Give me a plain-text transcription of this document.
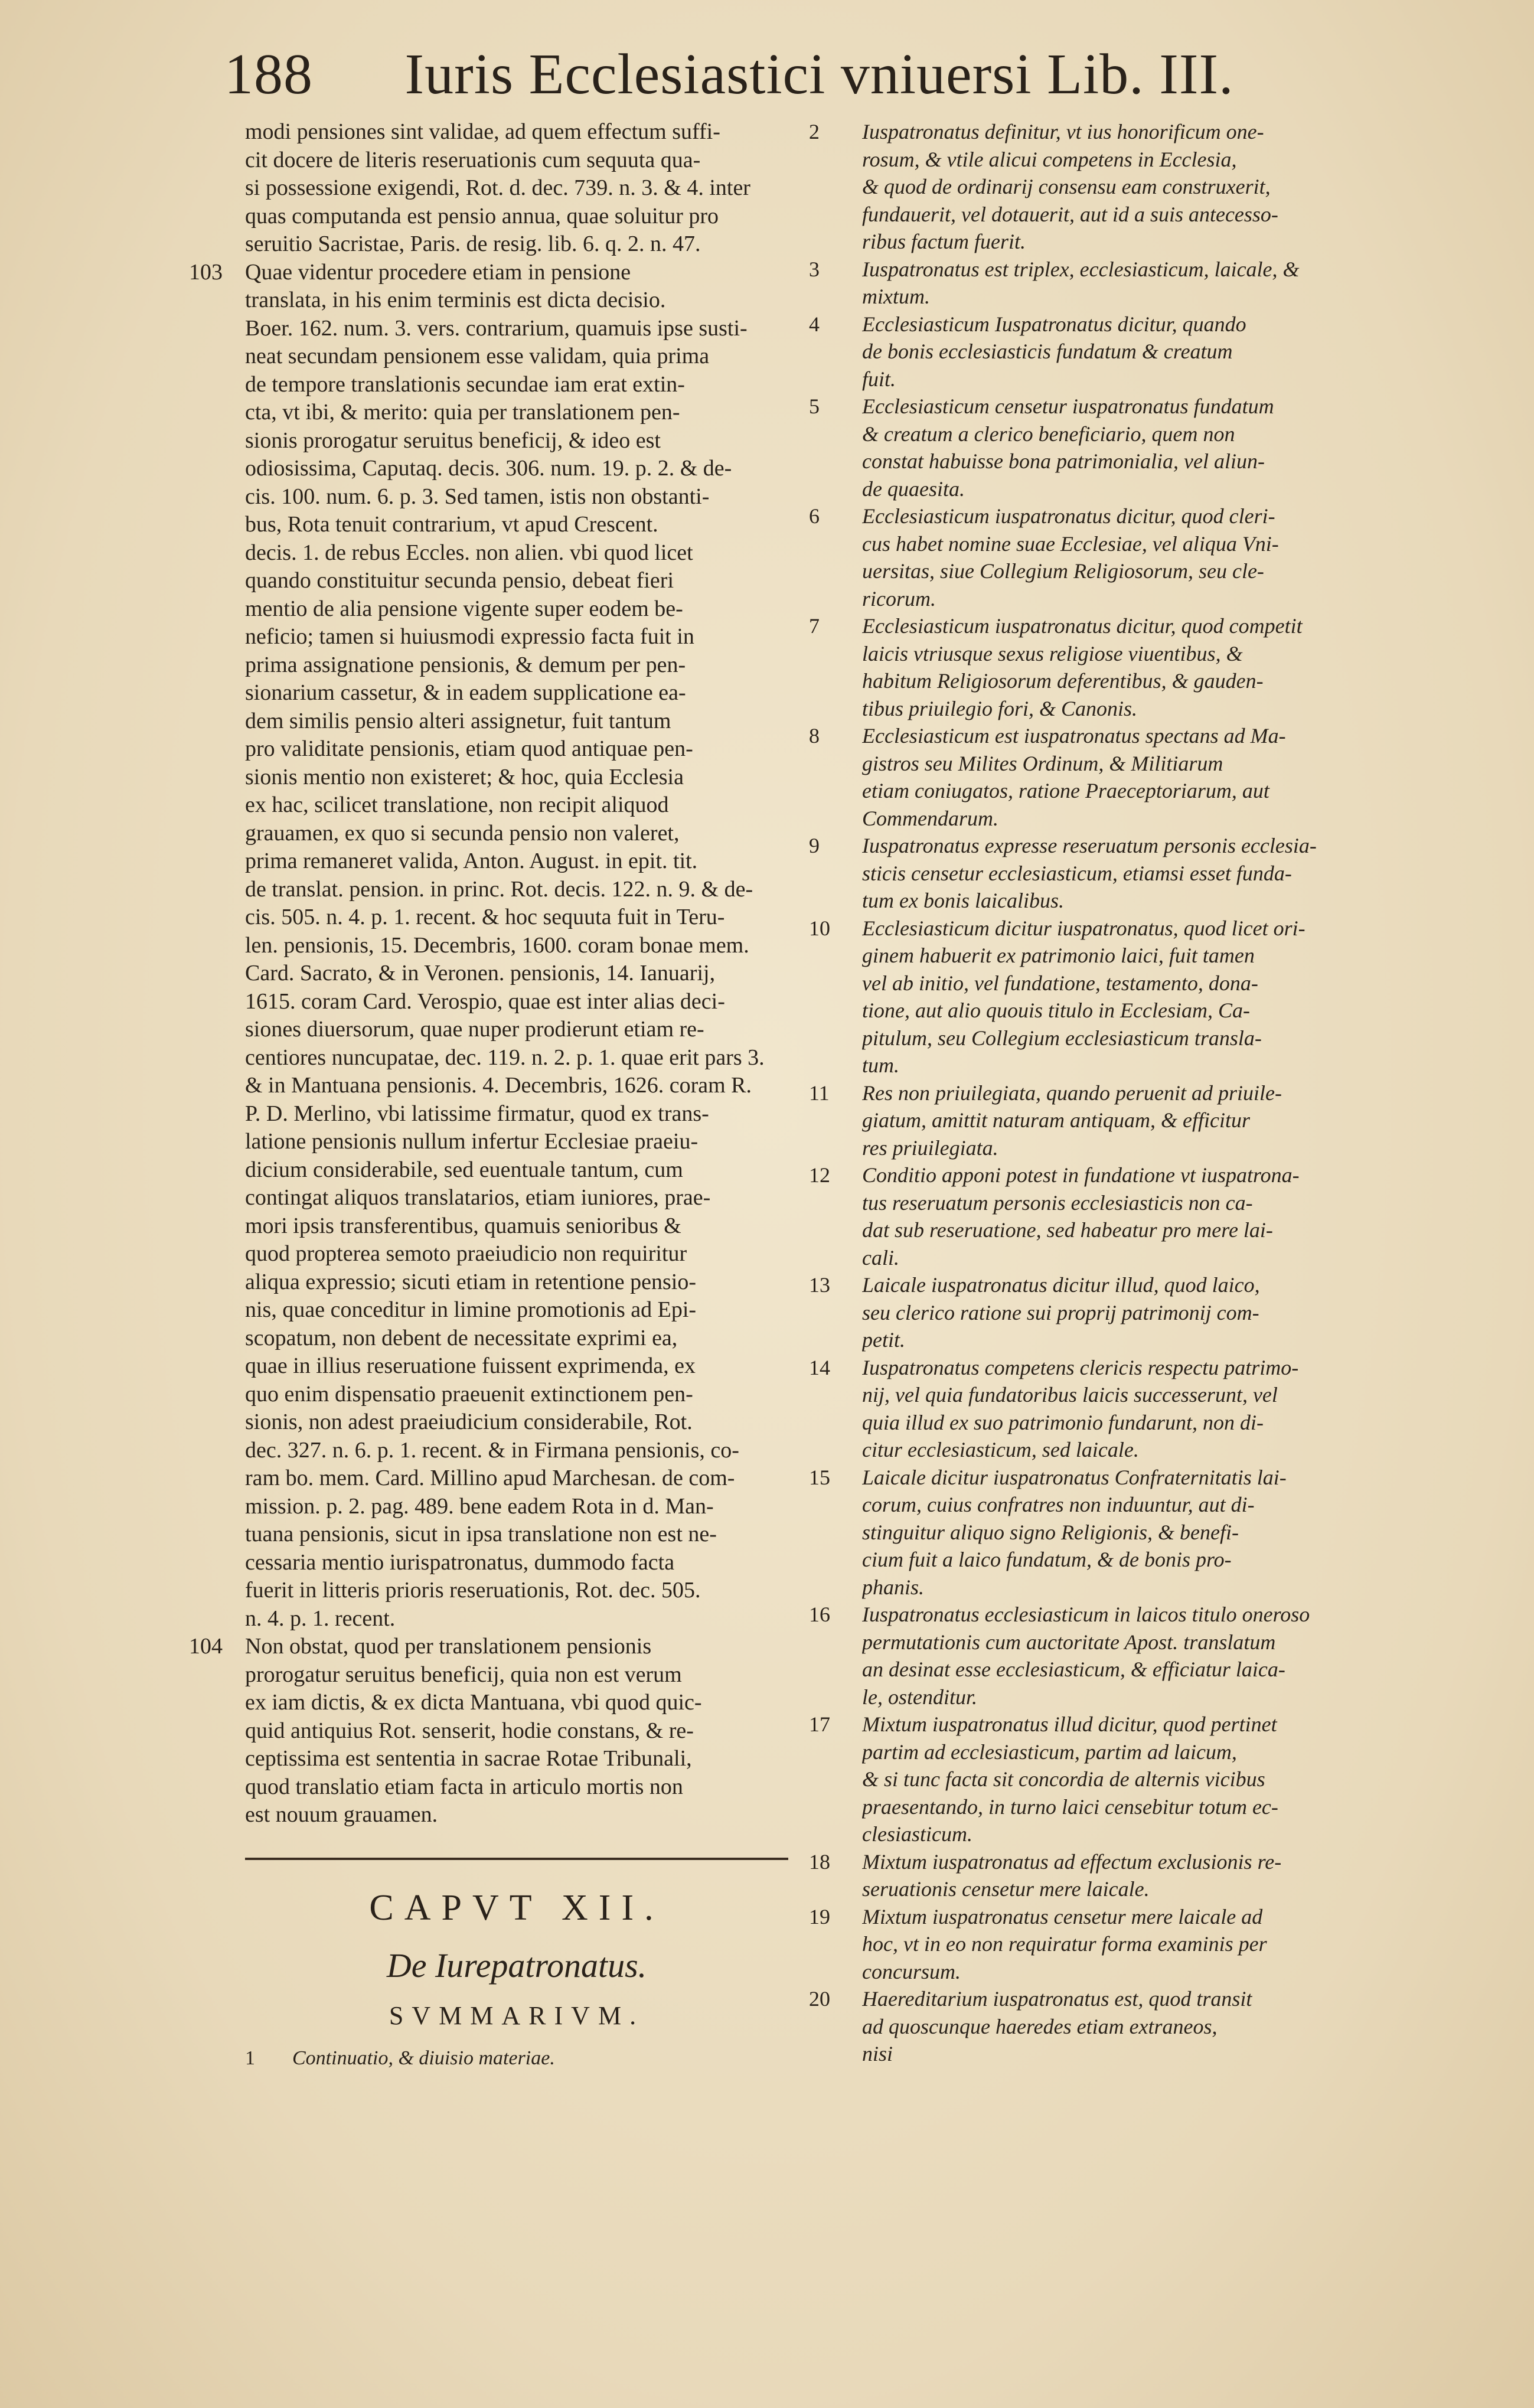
188 Iuris Ecclesiastici vniuersi Lib. III.
modi pensiones sint validae, ad quem effectum suffi-
cit docere de literis reseruationis cum sequuta qua-
si possessione exigendi, Rot. d. dec. 739. n. 3. & 4. inter
quas computanda est pensio annua, quae soluitur pro
seruitio Sacristae, Paris. de resig. lib. 6. q. 2. n. 47.
103 Quae videntur procedere etiam in pensione
translata, in his enim terminis est dicta decisio.
Boer. 162. num. 3. vers. contrarium, quamuis ipse susti-
neat secundam pensionem esse validam, quia prima
de tempore translationis secundae iam erat extin-
cta, vt ibi, & merito: quia per translationem pen-
sionis prorogatur seruitus beneficij, & ideo est
odiosissima, Caputaq. decis. 306. num. 19. p. 2. & de-
cis. 100. num. 6. p. 3. Sed tamen, istis non obstanti-
bus, Rota tenuit contrarium, vt apud Crescent.
decis. 1. de rebus Eccles. non alien. vbi quod licet
quando constituitur secunda pensio, debeat fieri
mentio de alia pensione vigente super eodem be-
neficio; tamen si huiusmodi expressio facta fuit in
prima assignatione pensionis, & demum per pen-
sionarium cassetur, & in eadem supplicatione ea-
dem similis pensio alteri assignetur, fuit tantum
pro validitate pensionis, etiam quod antiquae pen-
sionis mentio non existeret; & hoc, quia Ecclesia
ex hac, scilicet translatione, non recipit aliquod
grauamen, ex quo si secunda pensio non valeret,
prima remaneret valida, Anton. August. in epit. tit.
de translat. pension. in princ. Rot. decis. 122. n. 9. & de-
cis. 505. n. 4. p. 1. recent. & hoc sequuta fuit in Teru-
len. pensionis, 15. Decembris, 1600. coram bonae mem.
Card. Sacrato, & in Veronen. pensionis, 14. Ianuarij,
1615. coram Card. Verospio, quae est inter alias deci-
siones diuersorum, quae nuper prodierunt etiam re-
centiores nuncupatae, dec. 119. n. 2. p. 1. quae erit pars 3.
& in Mantuana pensionis. 4. Decembris, 1626. coram R.
P. D. Merlino, vbi latissime firmatur, quod ex trans-
latione pensionis nullum infertur Ecclesiae praeiu-
dicium considerabile, sed euentuale tantum, cum
contingat aliquos translatarios, etiam iuniores, prae-
mori ipsis transferentibus, quamuis senioribus &
quod propterea semoto praeiudicio non requiritur
aliqua expressio; sicuti etiam in retentione pensio-
nis, quae conceditur in limine promotionis ad Epi-
scopatum, non debent de necessitate exprimi ea,
quae in illius reseruatione fuissent exprimenda, ex
quo enim dispensatio praeuenit extinctionem pen-
sionis, non adest praeiudicium considerabile, Rot.
dec. 327. n. 6. p. 1. recent. & in Firmana pensionis, co-
ram bo. mem. Card. Millino apud Marchesan. de com-
mission. p. 2. pag. 489. bene eadem Rota in d. Man-
tuana pensionis, sicut in ipsa translatione non est ne-
cessaria mentio iurispatronatus, dummodo facta
fuerit in litteris prioris reseruationis, Rot. dec. 505.
n. 4. p. 1. recent.
104 Non obstat, quod per translationem pensionis
prorogatur seruitus beneficij, quia non est verum
ex iam dictis, & ex dicta Mantuana, vbi quod quic-
quid antiquius Rot. senserit, hodie constans, & re-
ceptissima est sententia in sacrae Rotae Tribunali,
quod translatio etiam facta in articulo mortis non
est nouum grauamen.
CAPVT XII.
De Iurepatronatus.
SVMMARIVM.
1 Continuatio, & diuisio materiae.
2	Iuspatronatus definitur, vt ius honorificum one-
rosum, & vtile alicui competens in Ecclesia,
& quod de ordinarij consensu eam construxerit,
fundauerit, vel dotauerit, aut id a suis antecesso-
ribus factum fuerit.
3	Iuspatronatus est triplex, ecclesiasticum, laicale, &
mixtum.
4	Ecclesiasticum Iuspatronatus dicitur, quando
de bonis ecclesiasticis fundatum & creatum
fuit.
5	Ecclesiasticum censetur iuspatronatus fundatum
& creatum a clerico beneficiario, quem non
constat habuisse bona patrimonialia, vel aliun-
de quaesita.
6	Ecclesiasticum iuspatronatus dicitur, quod cleri-
cus habet nomine suae Ecclesiae, vel aliqua Vni-
uersitas, siue Collegium Religiosorum, seu cle-
ricorum.
7	Ecclesiasticum iuspatronatus dicitur, quod competit
laicis vtriusque sexus religiose viuentibus, &
habitum Religiosorum deferentibus, & gauden-
tibus priuilegio fori, & Canonis.
8	Ecclesiasticum est iuspatronatus spectans ad Ma-
gistros seu Milites Ordinum, & Militiarum
etiam coniugatos, ratione Praeceptoriarum, aut
Commendarum.
9	Iuspatronatus expresse reseruatum personis ecclesia-
sticis censetur ecclesiasticum, etiamsi esset funda-
tum ex bonis laicalibus.
10	Ecclesiasticum dicitur iuspatronatus, quod licet ori-
ginem habuerit ex patrimonio laici, fuit tamen
vel ab initio, vel fundatione, testamento, dona-
tione, aut alio quouis titulo in Ecclesiam, Ca-
pitulum, seu Collegium ecclesiasticum transla-
tum.
11	Res non priuilegiata, quando peruenit ad priuile-
giatum, amittit naturam antiquam, & efficitur
res priuilegiata.
12	Conditio apponi potest in fundatione vt iuspatrona-
tus reseruatum personis ecclesiasticis non ca-
dat sub reseruatione, sed habeatur pro mere lai-
cali.
13	Laicale iuspatronatus dicitur illud, quod laico,
seu clerico ratione sui proprij patrimonij com-
petit.
14	Iuspatronatus competens clericis respectu patrimo-
nij, vel quia fundatoribus laicis successerunt, vel
quia illud ex suo patrimonio fundarunt, non di-
citur ecclesiasticum, sed laicale.
15	Laicale dicitur iuspatronatus Confraternitatis lai-
corum, cuius confratres non induuntur, aut di-
stinguitur aliquo signo Religionis, & benefi-
cium fuit a laico fundatum, & de bonis pro-
phanis.
16	Iuspatronatus ecclesiasticum in laicos titulo oneroso
permutationis cum auctoritate Apost. translatum
an desinat esse ecclesiasticum, & efficiatur laica-
le, ostenditur.
17	Mixtum iuspatronatus illud dicitur, quod pertinet
partim ad ecclesiasticum, partim ad laicum,
& si tunc facta sit concordia de alternis vicibus
praesentando, in turno laici censebitur totum ec-
clesiasticum.
18	Mixtum iuspatronatus ad effectum exclusionis re-
seruationis censetur mere laicale.
19	Mixtum iuspatronatus censetur mere laicale ad
hoc, vt in eo non requiratur forma examinis per
concursum.
20	Haereditarium iuspatronatus est, quod transit
ad quoscunque haeredes etiam extraneos,
nisi
